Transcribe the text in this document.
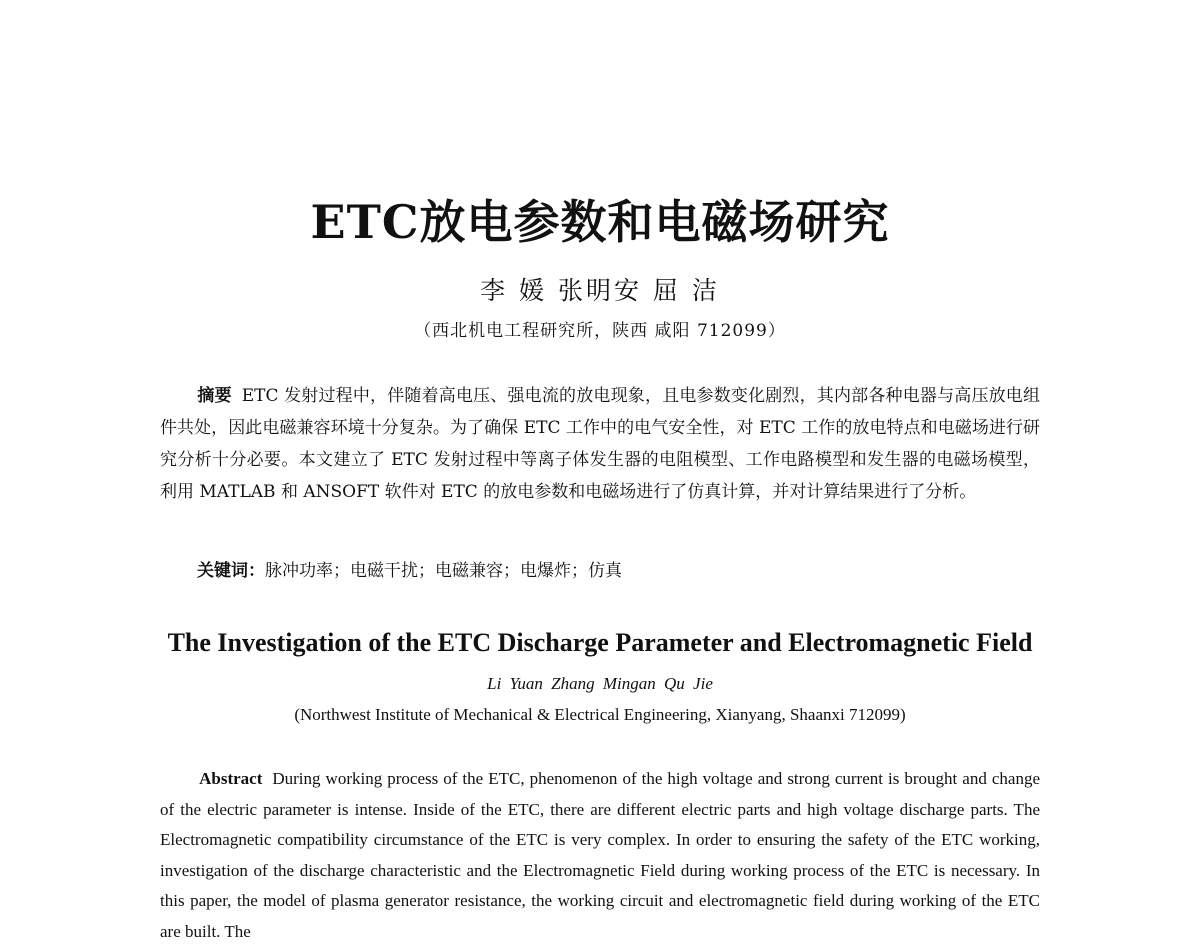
ETC放电参数和电磁场研究
李 媛 张明安 屈 洁
（西北机电工程研究所，陕西 咸阳 712099）
摘要 ETC 发射过程中，伴随着高电压、强电流的放电现象，且电参数变化剧烈，其内部各种电器与高压放电组件共处，因此电磁兼容环境十分复杂。为了确保 ETC 工作中的电气安全性，对 ETC 工作的放电特点和电磁场进行研究分析十分必要。本文建立了 ETC 发射过程中等离子体发生器的电阻模型、工作电路模型和发生器的电磁场模型，利用 MATLAB 和 ANSOFT 软件对 ETC 的放电参数和电磁场进行了仿真计算，并对计算结果进行了分析。
关键词：脉冲功率；电磁干扰；电磁兼容；电爆炸；仿真
The Investigation of the ETC Discharge Parameter and Electromagnetic Field
Li Yuan Zhang Mingan Qu Jie
(Northwest Institute of Mechanical & Electrical Engineering, Xianyang, Shaanxi 712099)
Abstract During working process of the ETC, phenomenon of the high voltage and strong current is brought and change of the electric parameter is intense. Inside of the ETC, there are different electric parts and high voltage discharge parts. The Electromagnetic compatibility circumstance of the ETC is very complex. In order to ensuring the safety of the ETC working, investigation of the discharge characteristic and the Electromagnetic Field during working process of the ETC is necessary. In this paper, the model of plasma generator resistance, the working circuit and electromagnetic field during working of the ETC are built. The
